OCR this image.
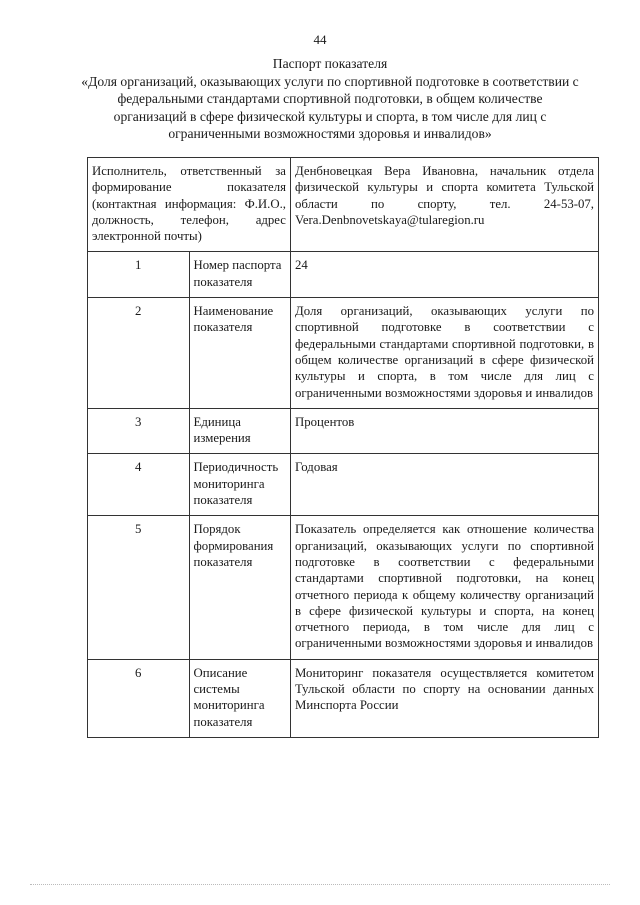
44
Паспорт показателя
«Доля организаций, оказывающих услуги по спортивной подготовке в соответствии с федеральными стандартами спортивной подготовки, в общем количестве организаций в сфере физической культуры и спорта, в том числе для лиц с ограниченными возможностями здоровья и инвалидов»
Исполнитель, ответственный за формирование показателя (контактная информация: Ф.И.О., должность, телефон, адрес электронной почты)		Денбновецкая Вера Ивановна, начальник отдела физической культуры и спорта комитета Тульской области по спорту, тел. 24-53-07, Vera.Denbnovetskaya@tularegion.ru
1	Номер паспорта показателя	24
2	Наименование показателя	Доля организаций, оказывающих услуги по спортивной подготовке в соответствии с федеральными стандартами спортивной подготовки, в общем количестве организаций в сфере физической культуры и спорта, в том числе для лиц с ограниченными возможностями здоровья и инвалидов
3	Единица измерения	Процентов
4	Периодичность мониторинга показателя	Годовая
5	Порядок формирования показателя	Показатель определяется как отношение количества организаций, оказывающих услуги по спортивной подготовке в соответствии с федеральными стандартами спортивной подготовки, на конец отчетного периода к общему количеству организаций в сфере физической культуры и спорта, на конец отчетного периода, в том числе для лиц с ограниченными возможностями здоровья и инвалидов
6	Описание системы мониторинга показателя	Мониторинг показателя осуществляется комитетом Тульской области по спорту на основании данных Минспорта России
